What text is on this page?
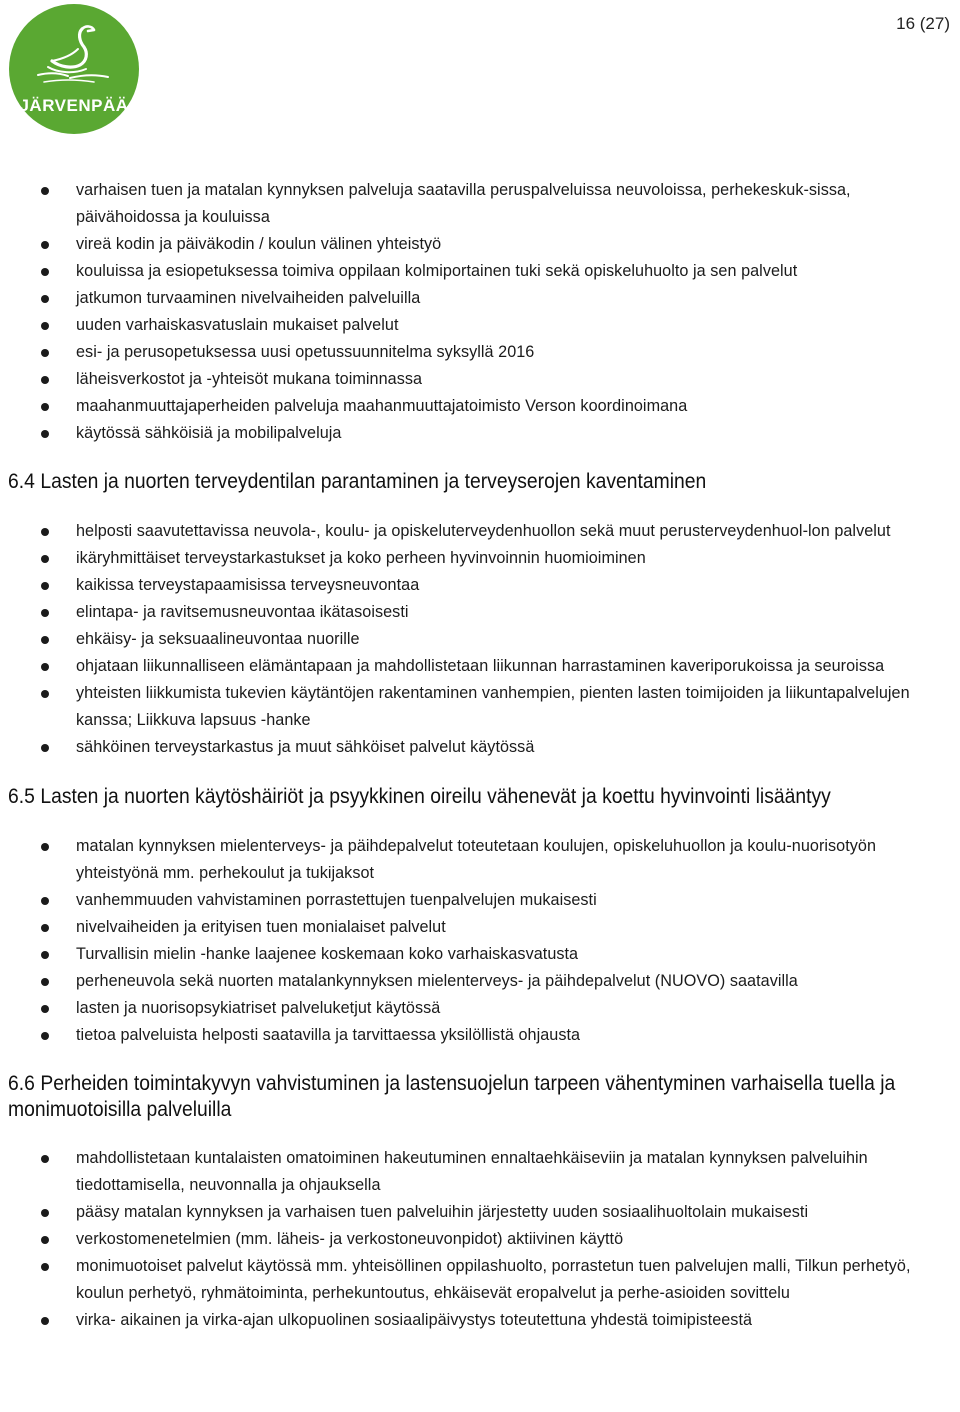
16 (27)
JÄRVENPÄÄ
varhaisen tuen ja matalan kynnyksen palveluja saatavilla peruspalveluissa neuvoloissa, perhekeskuk-sissa, päivähoidossa ja kouluissa
vireä kodin ja päiväkodin / koulun välinen yhteistyö
kouluissa ja esiopetuksessa toimiva oppilaan kolmiportainen tuki sekä opiskeluhuolto ja sen palvelut
jatkumon turvaaminen nivelvaiheiden palveluilla
uuden varhaiskasvatuslain mukaiset palvelut
esi- ja perusopetuksessa uusi opetussuunnitelma syksyllä 2016
läheisverkostot ja -yhteisöt mukana toiminnassa
maahanmuuttajaperheiden palveluja maahanmuuttajatoimisto Verson koordinoimana
käytössä sähköisiä ja mobilipalveluja
6.4 Lasten ja nuorten terveydentilan parantaminen ja terveyserojen kaventaminen
helposti saavutettavissa neuvola-, koulu- ja opiskeluterveydenhuollon sekä muut perusterveydenhuol-lon palvelut
ikäryhmittäiset terveystarkastukset ja koko perheen hyvinvoinnin huomioiminen
kaikissa terveystapaamisissa terveysneuvontaa
elintapa- ja ravitsemusneuvontaa ikätasoisesti
ehkäisy- ja seksuaalineuvontaa nuorille
ohjataan liikunnalliseen elämäntapaan ja mahdollistetaan liikunnan harrastaminen kaveriporukoissa ja seuroissa
yhteisten liikkumista tukevien käytäntöjen rakentaminen vanhempien, pienten lasten toimijoiden ja liikuntapalvelujen kanssa; Liikkuva lapsuus -hanke
sähköinen terveystarkastus ja muut sähköiset palvelut käytössä
6.5 Lasten ja nuorten käytöshäiriöt ja psyykkinen oireilu vähenevät ja koettu hyvinvointi lisääntyy
matalan kynnyksen mielenterveys- ja päihdepalvelut toteutetaan koulujen, opiskeluhuollon ja koulu-nuorisotyön yhteistyönä mm. perhekoulut ja tukijaksot
vanhemmuuden vahvistaminen porrastettujen tuenpalvelujen mukaisesti
nivelvaiheiden ja erityisen tuen monialaiset palvelut
Turvallisin mielin -hanke laajenee koskemaan koko varhaiskasvatusta
perheneuvola sekä nuorten matalankynnyksen mielenterveys- ja päihdepalvelut (NUOVO) saatavilla
lasten ja nuorisopsykiatriset palveluketjut käytössä
tietoa palveluista helposti saatavilla ja tarvittaessa yksilöllistä ohjausta
6.6 Perheiden toimintakyvyn vahvistuminen ja lastensuojelun tarpeen vähentyminen varhaisella tuella ja monimuotoisilla palveluilla
mahdollistetaan kuntalaisten omatoiminen hakeutuminen ennaltaehkäiseviin ja matalan kynnyksen palveluihin tiedottamisella, neuvonnalla ja ohjauksella
pääsy matalan kynnyksen ja varhaisen tuen palveluihin järjestetty uuden sosiaalihuoltolain mukaisesti
verkostomenetelmien (mm. läheis- ja verkostoneuvonpidot) aktiivinen käyttö
monimuotoiset palvelut käytössä mm. yhteisöllinen oppilashuolto, porrastetun tuen palvelujen malli, Tilkun perhetyö, koulun perhetyö, ryhmätoiminta, perhekuntoutus, ehkäisevät eropalvelut ja perhe-asioiden sovittelu
virka- aikainen ja virka-ajan ulkopuolinen sosiaalipäivystys toteutettuna yhdestä toimipisteestä
